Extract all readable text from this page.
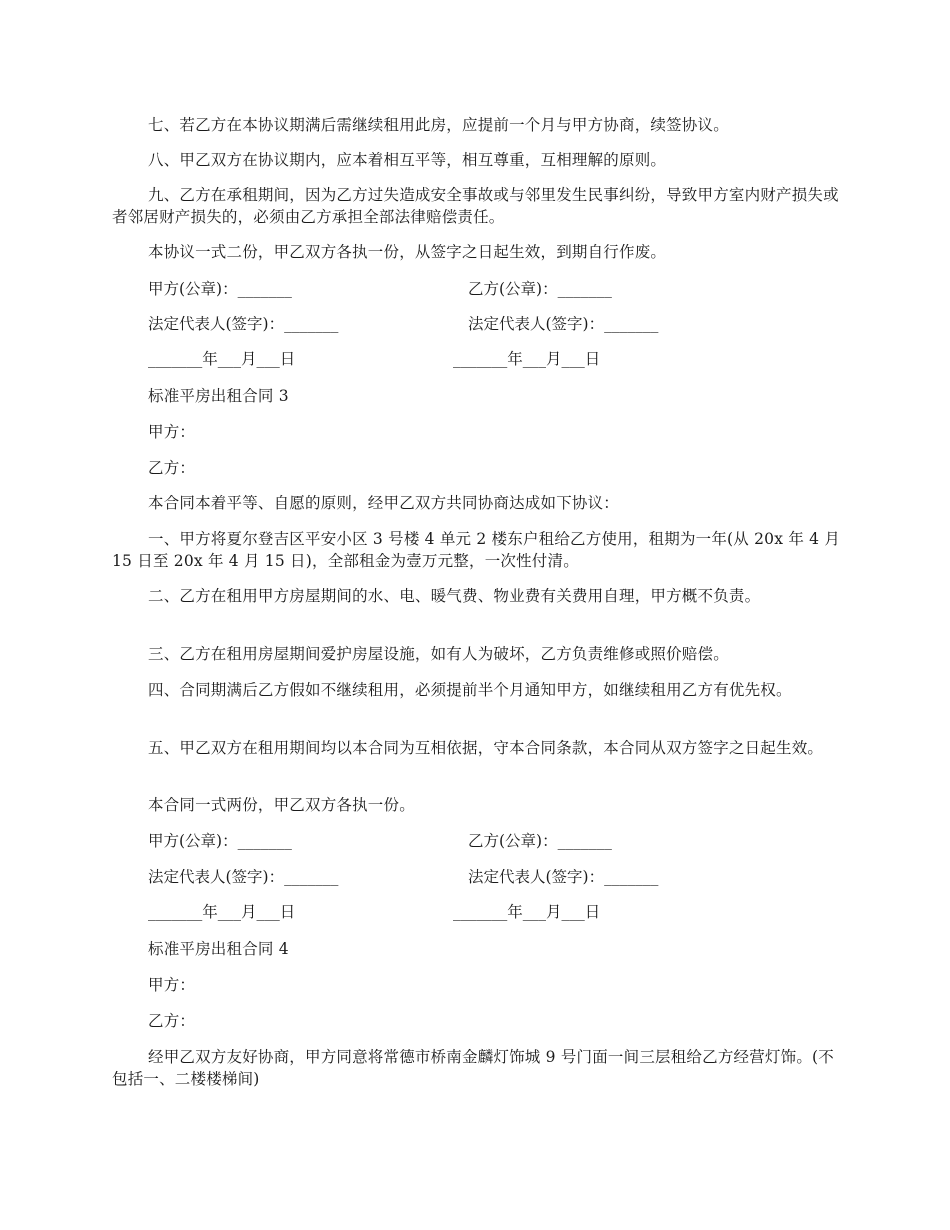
七、若乙方在本协议期满后需继续租用此房，应提前一个月与甲方协商，续签协议。

八、甲乙双方在协议期内，应本着相互平等，相互尊重，互相理解的原则。

九、乙方在承租期间，因为乙方过失造成安全事故或与邻里发生民事纠纷，导致甲方室内财产损失或者邻居财产损失的，必须由乙方承担全部法律赔偿责任。

本协议一式二份，甲乙双方各执一份，从签字之日起生效，到期自行作废。

甲方(公章)：_______	乙方(公章)：_______

法定代表人(签字)：_______	法定代表人(签字)：_______

_______年___月___日	_______年___月___日

标准平房出租合同 3

甲方：

乙方：

本合同本着平等、自愿的原则，经甲乙双方共同协商达成如下协议：

一、甲方将夏尔登吉区平安小区 3 号楼 4 单元 2 楼东户租给乙方使用，租期为一年(从 20x 年 4 月 15 日至 20x 年 4 月 15 日)，全部租金为壹万元整，一次性付清。

二、乙方在租用甲方房屋期间的水、电、暖气费、物业费有关费用自理，甲方概不负责。

三、乙方在租用房屋期间爱护房屋设施，如有人为破坏，乙方负责维修或照价赔偿。

四、合同期满后乙方假如不继续租用，必须提前半个月通知甲方，如继续租用乙方有优先权。

五、甲乙双方在租用期间均以本合同为互相依据，守本合同条款，本合同从双方签字之日起生效。

本合同一式两份，甲乙双方各执一份。

甲方(公章)：_______	乙方(公章)：_______

法定代表人(签字)：_______	法定代表人(签字)：_______

_______年___月___日	_______年___月___日

标准平房出租合同 4

甲方：

乙方：

经甲乙双方友好协商，甲方同意将常德市桥南金麟灯饰城 9 号门面一间三层租给乙方经营灯饰。(不包括一、二楼楼梯间)
